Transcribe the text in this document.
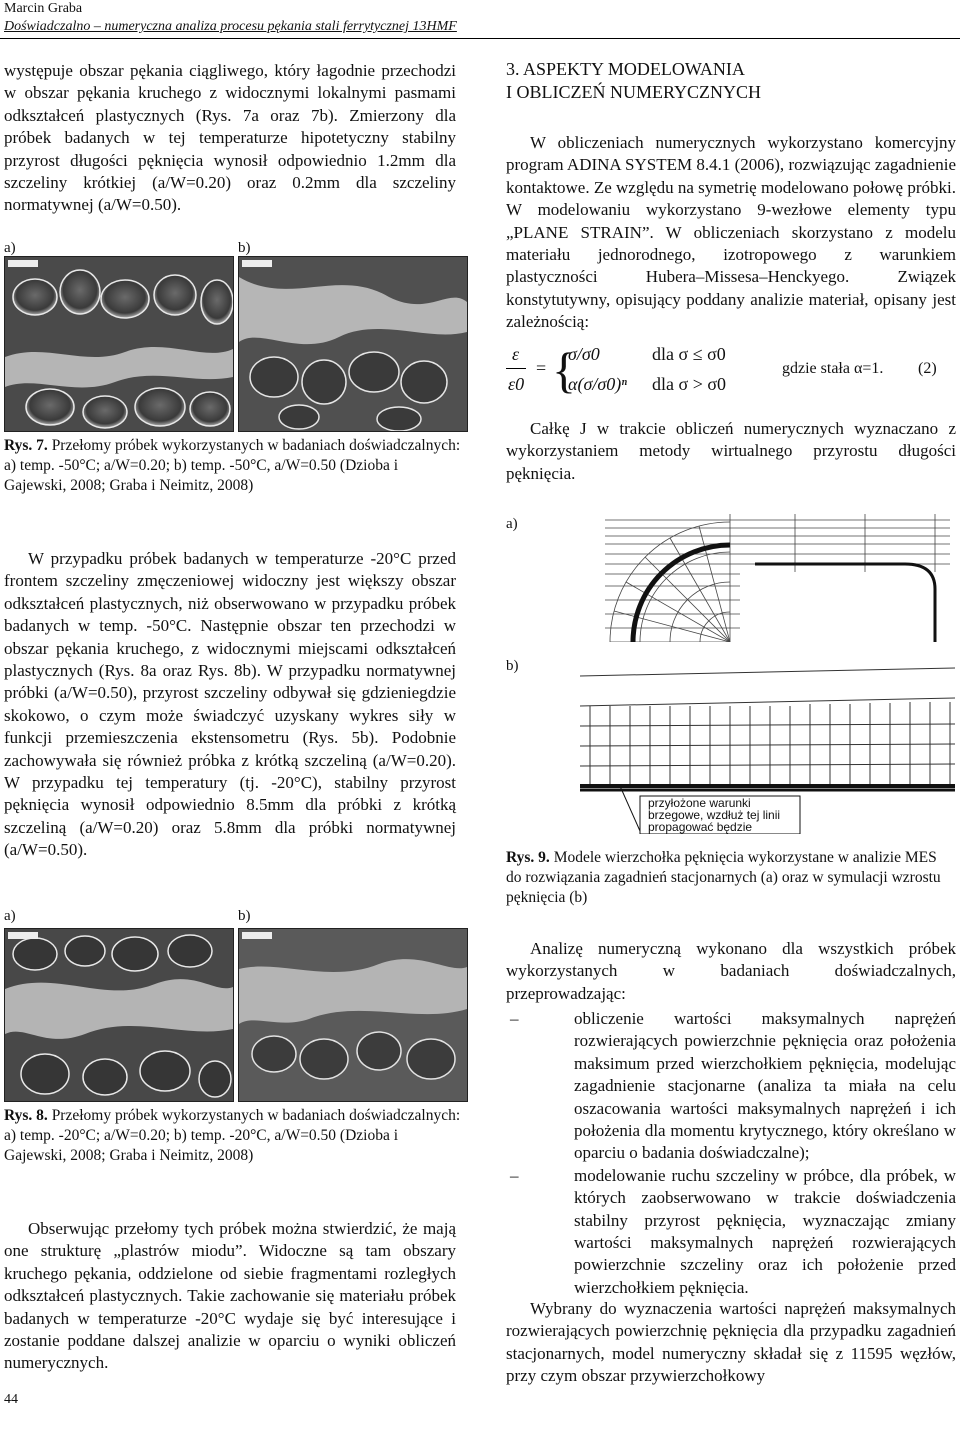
Marcin Graba
Doświadczalno – numeryczna analiza procesu pękania stali ferrytycznej 13HMF

występuje obszar pękania ciągliwego, który łagodnie przechodzi w obszar pękania kruchego z widocznymi lokalnymi pasmami odkształceń plastycznych (Rys. 7a oraz 7b). Zmierzony dla próbek badanych w tej temperaturze hipotetyczny stabilny przyrost długości pęknięcia wynosił odpowiednio 1.2mm dla szczeliny krótkiej (a/W=0.20) oraz 0.2mm dla szczeliny normatywnej (a/W=0.50).

a)	b)
Rys. 7. Przełomy próbek wykorzystanych w badaniach doświadczalnych: a) temp. -50°C; a/W=0.20; b) temp. -50°C, a/W=0.50 (Dzioba i Gajewski, 2008; Graba i Neimitz, 2008)

W przypadku próbek badanych w temperaturze -20°C przed frontem szczeliny zmęczeniowej widoczny jest większy obszar odkształceń plastycznych, niż obserwowano w przypadku próbek badanych w temp. -50°C. Następnie obszar ten przechodzi w obszar pękania kruchego, z widocznymi miejscami odkształceń plastycznych (Rys. 8a oraz Rys. 8b). W przypadku normatywnej próbki (a/W=0.50), przyrost szczeliny odbywał się gdzieniegdzie skokowo, o czym może świadczyć uzyskany wykres siły w funkcji przemieszczenia ekstensometru (Rys. 5b). Podobnie zachowywała się również próbka z krótką szczeliną (a/W=0.20). W przypadku tej temperatury (tj. -20°C), stabilny przyrost pęknięcia wynosił odpowiednio 8.5mm dla próbki z krótką szczeliną (a/W=0.20) oraz 5.8mm dla próbki normatywnej (a/W=0.50).

a)	b)
Rys. 8. Przełomy próbek wykorzystanych w badaniach doświadczalnych: a) temp. -20°C; a/W=0.20; b) temp. -20°C, a/W=0.50 (Dzioba i Gajewski, 2008; Graba i Neimitz, 2008)

Obserwując przełomy tych próbek można stwierdzić, że mają one strukturę „plastrów miodu”. Widoczne są tam obszary kruchego pękania, oddzielone od siebie fragmentami rozległych odkształceń plastycznych. Takie zachowanie się materiału próbek badanych w temperaturze -20°C wydaje się być interesujące i zostanie poddane dalszej analizie w oparciu o wyniki obliczeń numerycznych.

44
3. ASPEKTY MODELOWANIA
I OBLICZEŃ NUMERYCZNYCH

W obliczeniach numerycznych wykorzystano komercyjny program ADINA SYSTEM 8.4.1 (2006), rozwiązując zagadnienie kontaktowe. Ze względu na symetrię modelowano połowę próbki. W modelowaniu wykorzystano 9-wezłowe elementy typu „PLANE STRAIN”. W obliczeniach skorzystano z modelu materiału jednorodnego, izotropowego z warunkiem plastyczności Hubera–Missesa–Henckyego. Związek konstytutywny, opisujący poddany analizie materiał, opisany jest zależnością:

ε
ε0
= {
σ/σ0	dla σ ≤ σ0
α(σ/σ0)ⁿ dla σ > σ0
gdzie stała α=1. (2)

Całkę J w trakcie obliczeń numerycznych wyznaczano z wykorzystaniem metody wirtualnego przyrostu długości pęknięcia.

a)
b)
przyłożone warunki
brzegowe, wzdłuż tej linii
propagować będzie
Rys. 9. Modele wierzchołka pęknięcia wykorzystane w analizie MES do rozwiązania zagadnień stacjonarnych (a) oraz w symulacji wzrostu pęknięcia (b)

Analizę numeryczną wykonano dla wszystkich próbek wykorzystanych w badaniach doświadczalnych, przeprowadzając:

–	obliczenie wartości maksymalnych naprężeń rozwierających powierzchnie pęknięcia oraz położenia maksimum przed wierzchołkiem pęknięcia, modelując zagadnienie stacjonarne (analiza ta miała na celu oszacowania wartości maksymalnych naprężeń i ich położenia dla momentu krytycznego, który określano w oparciu o badania doświadczalne);
–	modelowanie ruchu szczeliny w próbce, dla próbek, w których zaobserwowano w trakcie doświadczenia stabilny przyrost pęknięcia, wyznaczając zmiany wartości maksymalnych naprężeń rozwierających powierzchnie szczeliny oraz ich położenie przed wierzchołkiem pęknięcia.

Wybrany do wyznaczenia wartości naprężeń maksymalnych rozwierających powierzchnię pęknięcia dla przypadku zagadnień stacjonarnych, model numeryczny składał się z 11595 węzłów, przy czym obszar przywierzchołkowy
